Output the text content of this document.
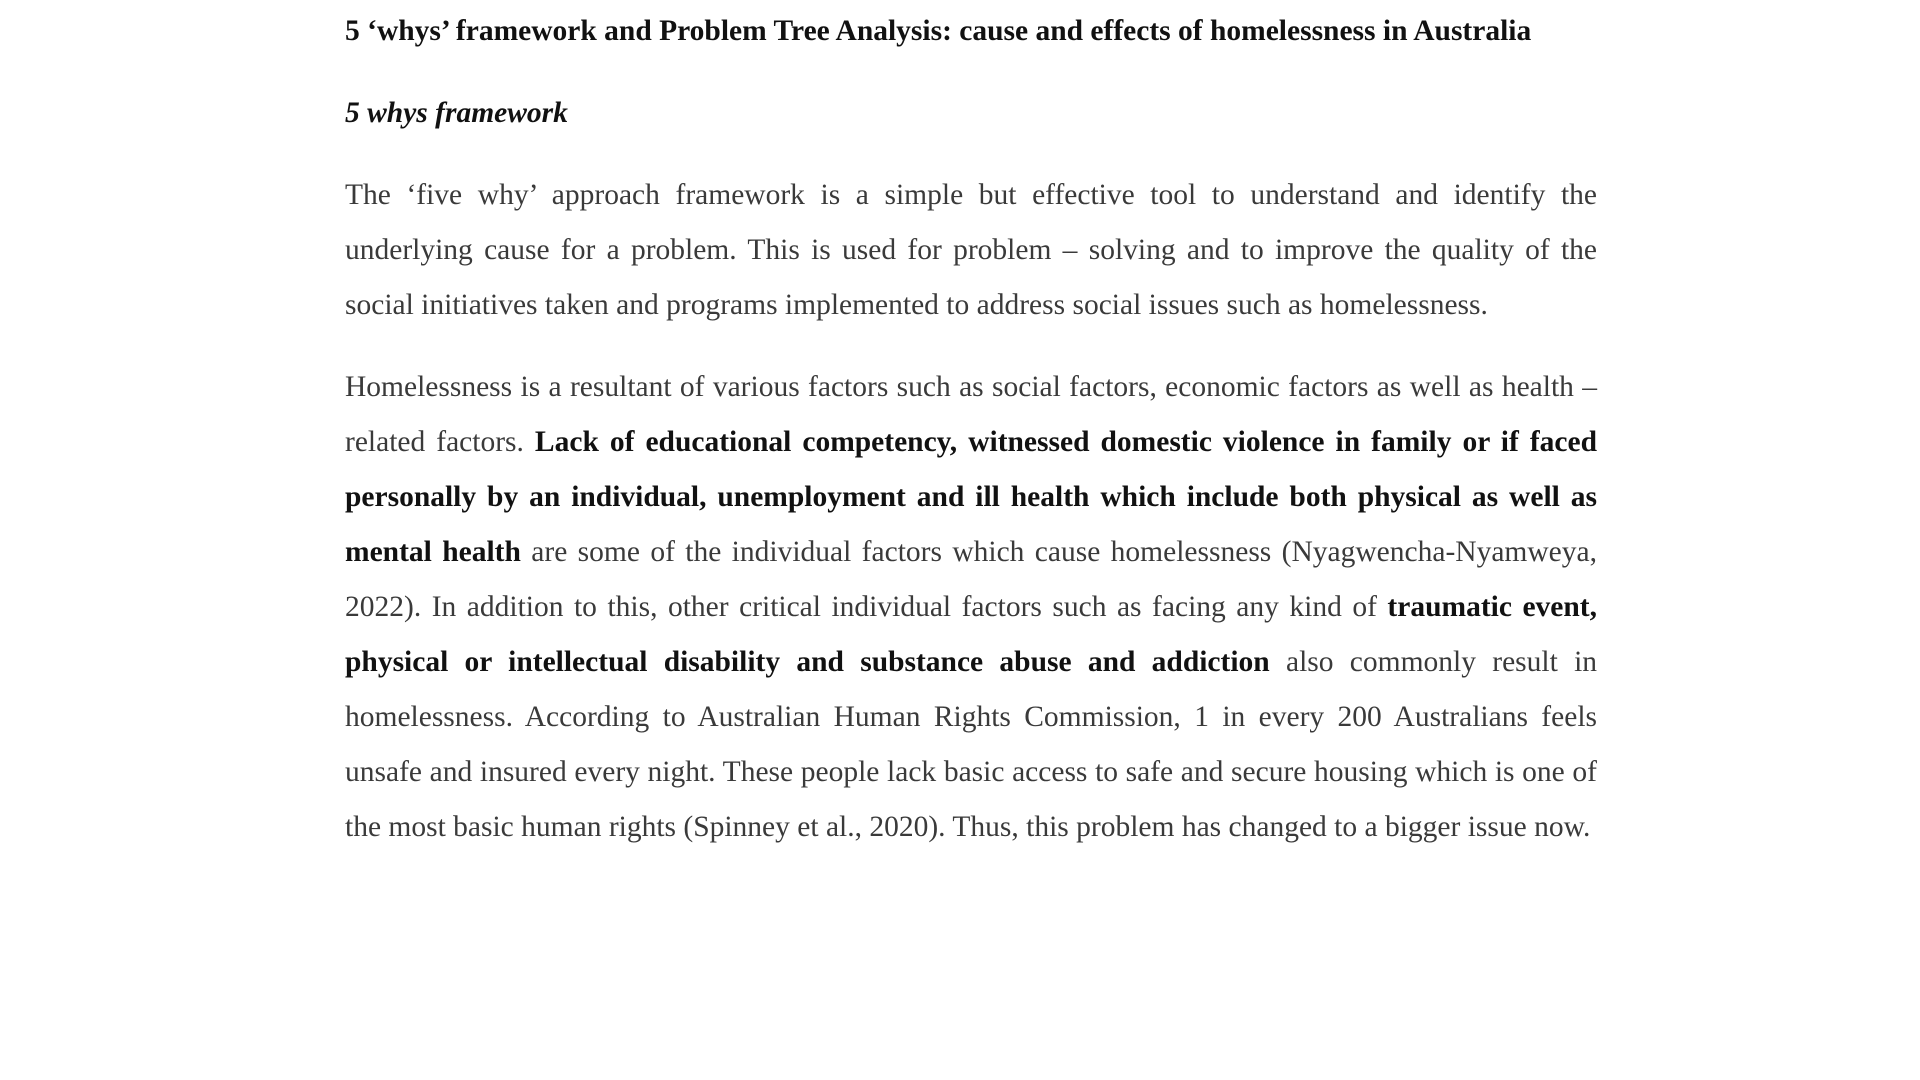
5 ‘whys’ framework and Problem Tree Analysis: cause and effects of homelessness in Australia
5 whys framework

The ‘five why’ approach framework is a simple but effective tool to understand and identify the underlying cause for a problem. This is used for problem – solving and to improve the quality of the social initiatives taken and programs implemented to address social issues such as homelessness.

Homelessness is a resultant of various factors such as social factors, economic factors as well as health – related factors. Lack of educational competency, witnessed domestic violence in family or if faced personally by an individual, unemployment and ill health which include both physical as well as mental health are some of the individual factors which cause homelessness (Nyagwencha-Nyamweya, 2022). In addition to this, other critical individual factors such as facing any kind of traumatic event, physical or intellectual disability and substance abuse and addiction also commonly result in homelessness. According to Australian Human Rights Commission, 1 in every 200 Australians feels unsafe and insured every night. These people lack basic access to safe and secure housing which is one of the most basic human rights (Spinney et al., 2020). Thus, this problem has changed to a bigger issue now.
